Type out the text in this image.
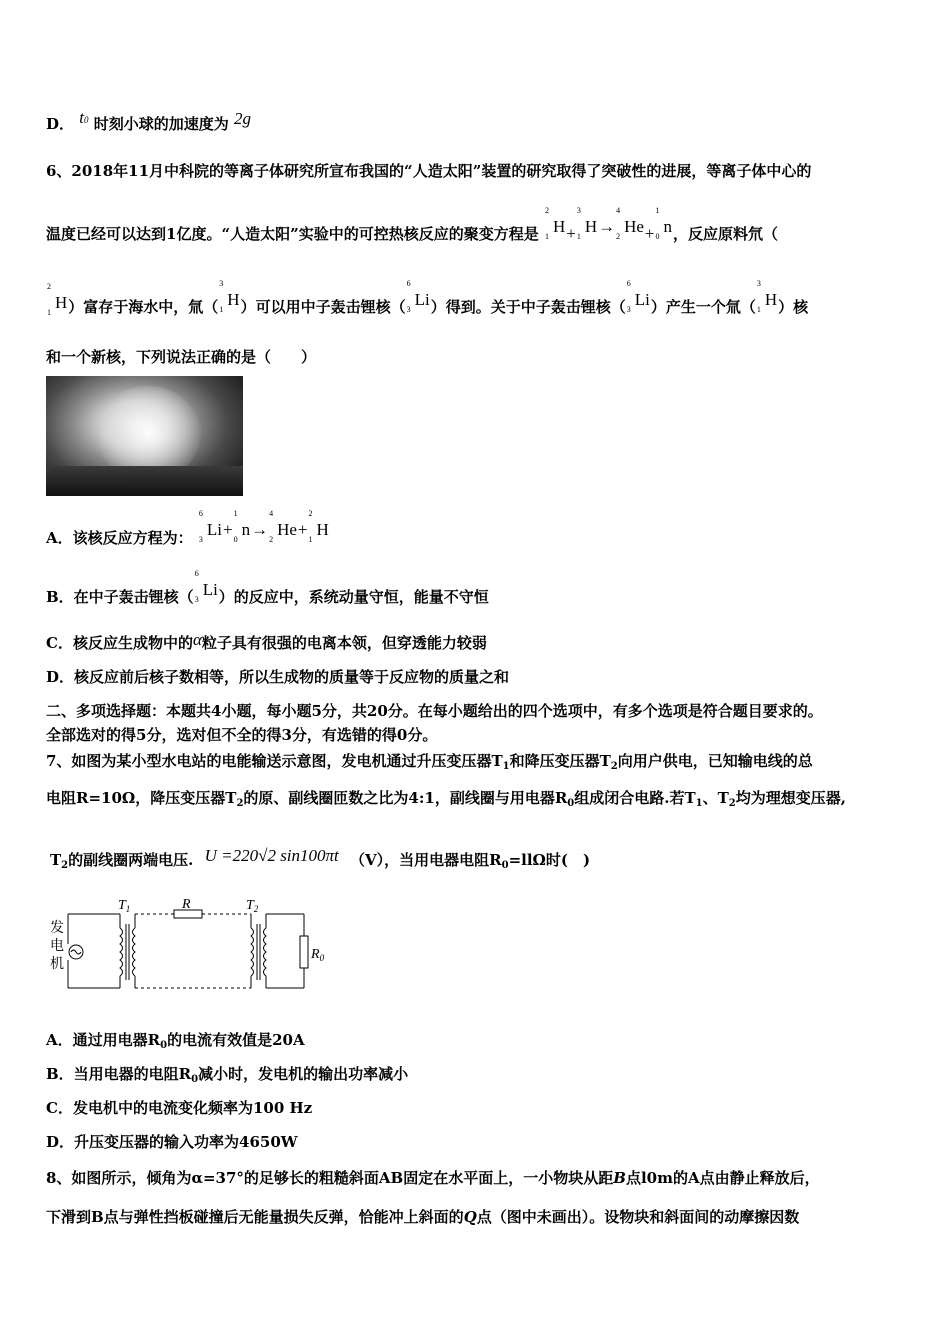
D． t0 时刻小球的加速度为 2g
6、2018年11月中科院的等离子体研究所宣布我国的“人造太阳”装置的研究取得了突破性的进展，等离子体中心的
温度已经可以达到1亿度。“人造太阳”实验中的可控热核反应的聚变方程是
2
1
H+
3
1
H→
4
2
He+
1
0
n，反应原料氘（
2
1
H）富存于海水中，氚（
3
1
H）可以用中子轰击锂核（
6
3
Li）得到。关于中子轰击锂核（
6
3
Li）产生一个氚（
3
1
H）核
和一个新核，下列说法正确的是（　　）
A．该核反应方程为：
6
3
Li+
1
0
n→
4
2
He+
2
1
H
B．在中子轰击锂核（
6
3
Li）的反应中，系统动量守恒，能量不守恒
C．核反应生成物中的α粒子具有很强的电离本领，但穿透能力较弱
D．核反应前后核子数相等，所以生成物的质量等于反应物的质量之和
二、多项选择题：本题共4小题，每小题5分，共20分。在每小题给出的四个选项中，有多个选项是符合题目要求的。
全部选对的得5分，选对但不全的得3分，有选错的得0分。
7、如图为某小型水电站的电能输送示意图，发电机通过升压变压器$T_1$和降压变压器$T_2$向用户供电，已知输电线的总
电阻R=10Ω，降压变压器$T_2$的原、副线圈匝数之比为4:1，副线圈与用电器$R_0$组成闭合电路.若$T_1$、$T_2$均为理想变压器,
$T_2$的副线圈两端电压. U =220√2 sin100πt （V），当用电器电阻$R_0=ll\Omega$时(　)
发
电
机
$T_1$	R	$T_2$
$R_0$
A．通过用电器$R_0$的电流有效值是20A
B．当用电器的电阻$R_0$减小时，发电机的输出功率减小
C．发电机中的电流变化频率为100 Hz
D．升压变压器的输入功率为4650W
8、如图所示，倾角为α=37°的足够长的粗糙斜面AB固定在水平面上，一小物块从距B点l0m的A点由静止释放后，
下滑到B点与弹性挡板碰撞后无能量损失反弹，恰能冲上斜面的Q点（图中未画出）。设物块和斜面间的动摩擦因数
